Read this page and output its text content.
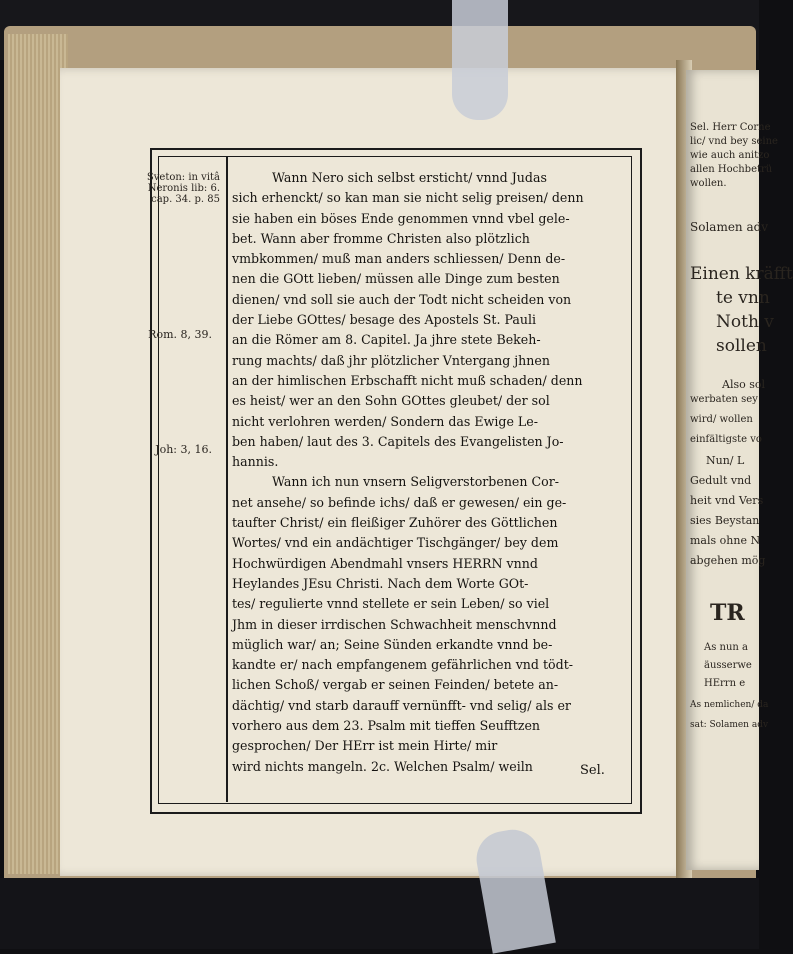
Sel. Herr Corne
lic/ vnd bey seine
wie auch anitzo
allen Hochbetrü
wollen.
Solamen adv
Einen kräfft
te vnn
Noth v
sollen
Also sol
werbaten sey
wird/ wollen
einfältigste vo
Nun/ L
Gedult vnd
heit vnd Vers
sies Beystan
mals ohne N
abgehen mög
TR
As nun a
äusserwe
HErrn e
As nemlichen/ da
sat: Solamen adv
Sveton: in vitâ Neronis lib: 6. cap. 34. p. 85
Rom. 8, 39.
Joh: 3, 16.
Wann Nero sich selbst ersticht/ vnnd Judas
sich erhenckt/ so kan man sie nicht selig preisen/ denn
sie haben ein böses Ende genommen vnnd vbel gele-
bet. Wann aber fromme Christen also plötzlich
vmbkommen/ muß man anders schliessen/ Denn de-
nen die GOtt lieben/ müssen alle Dinge zum besten
dienen/ vnd soll sie auch der Todt nicht scheiden von
der Liebe GOttes/ besage des Apostels St. Pauli
an die Römer am 8. Capitel. Ja jhre stete Bekeh-
rung machts/ daß jhr plötzlicher Vntergang jhnen
an der himlischen Erbschafft nicht muß schaden/ denn
es heist/ wer an den Sohn GOttes gleubet/ der sol
nicht verlohren werden/ Sondern das Ewige Le-
ben haben/ laut des 3. Capitels des Evangelisten Jo-
hannis.
Wann ich nun vnsern Seligverstorbenen Cor-
net ansehe/ so befinde ichs/ daß er gewesen/ ein ge-
taufter Christ/ ein fleißiger Zuhörer des Göttlichen
Wortes/ vnd ein andächtiger Tischgänger/ bey dem
Hochwürdigen Abendmahl vnsers HERRN vnnd
Heylandes JEsu Christi. Nach dem Worte GOt-
tes/ regulierte vnnd stellete er sein Leben/ so viel
Jhm in dieser irrdischen Schwachheit menschvnnd
müglich war/ an; Seine Sünden erkandte vnnd be-
kandte er/ nach empfangenem gefährlichen vnd tödt-
lichen Schoß/ vergab er seinen Feinden/ betete an-
dächtig/ vnd starb darauff vernünfft- vnd selig/ als er
vorhero aus dem 23. Psalm mit tieffen Seufftzen
gesprochen/ Der HErr ist mein Hirte/ mir
wird nichts mangeln. 2c. Welchen Psalm/ weiln	Sel.
